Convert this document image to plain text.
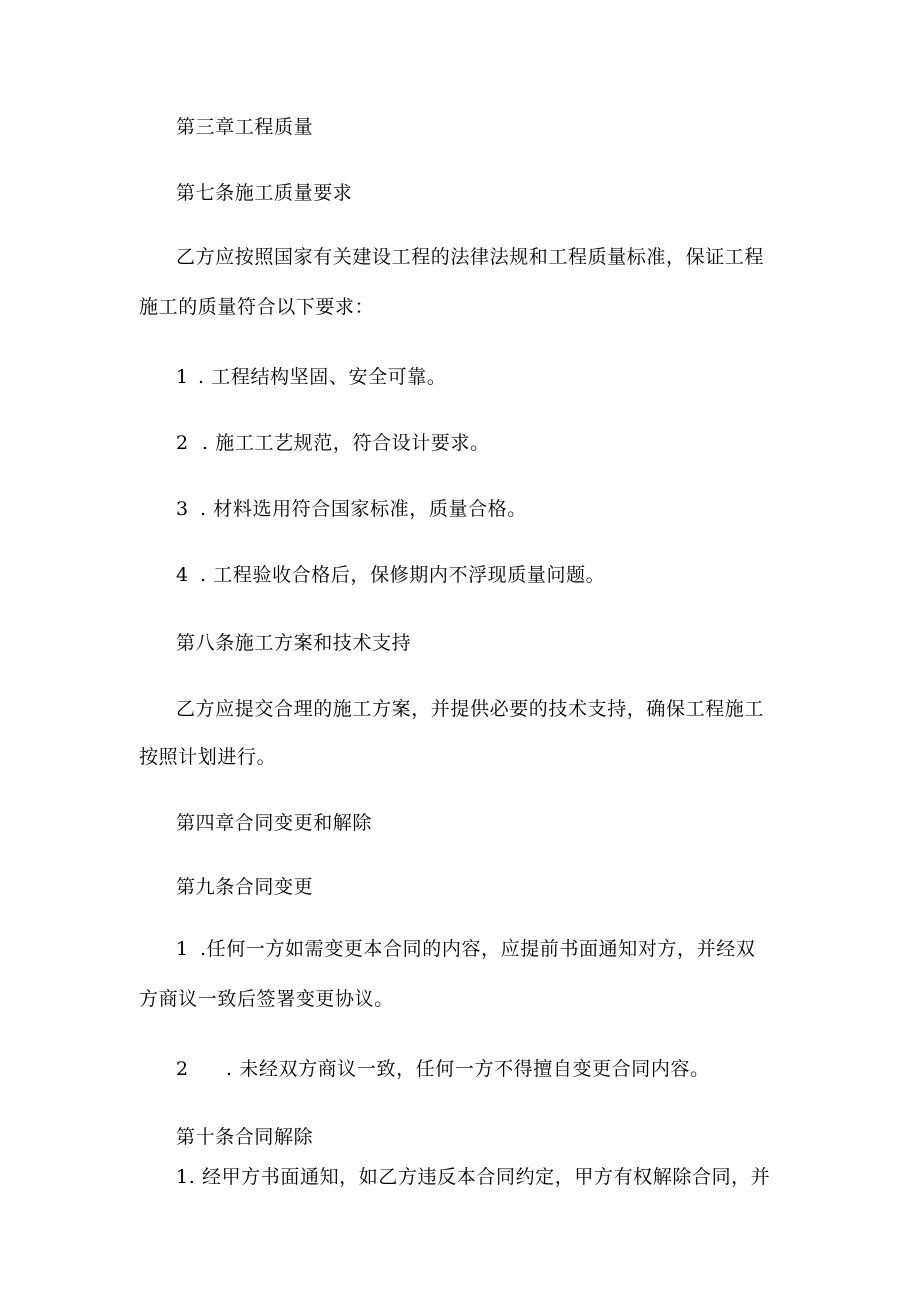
第三章工程质量
第七条施工质量要求
乙方应按照国家有关建设工程的法律法规和工程质量标准，保证工程
施工的质量符合以下要求：
1 . 工程结构坚固、安全可靠。
2 . 施工工艺规范，符合设计要求。
3 . 材料选用符合国家标准，质量合格。
4 . 工程验收合格后，保修期内不浮现质量问题。
第八条施工方案和技术支持
乙方应提交合理的施工方案，并提供必要的技术支持，确保工程施工
按照计划进行。
第四章合同变更和解除
第九条合同变更
1 .任何一方如需变更本合同的内容，应提前书面通知对方，并经双
方商议一致后签署变更协议。
2 . 未经双方商议一致，任何一方不得擅自变更合同内容。
第十条合同解除
1. 经甲方书面通知，如乙方违反本合同约定，甲方有权解除合同，并
